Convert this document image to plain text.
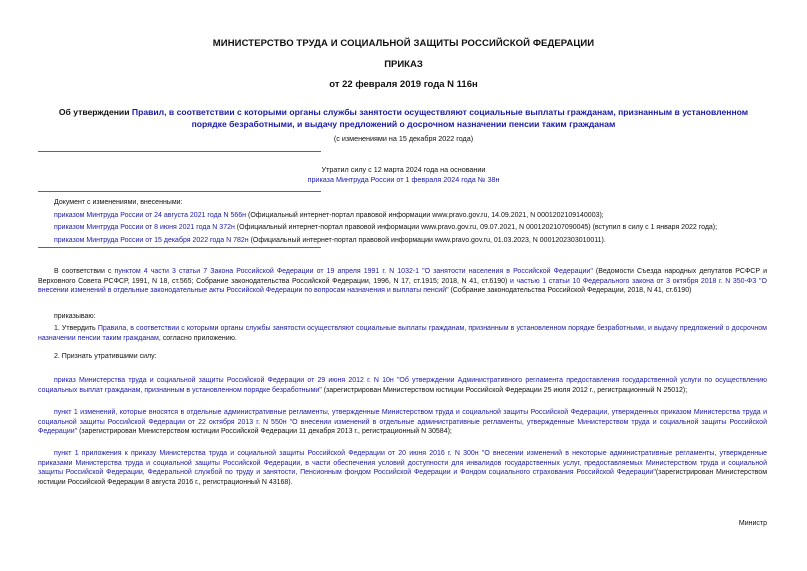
МИНИСТЕРСТВО ТРУДА И СОЦИАЛЬНОЙ ЗАЩИТЫ РОССИЙСКОЙ ФЕДЕРАЦИИ
ПРИКАЗ
от 22 февраля 2019 года N 116н
Об утверждении Правил, в соответствии с которыми органы службы занятости осуществляют социальные выплаты гражданам, признанным в установленном
порядке безработными, и выдачу предложений о досрочном назначении пенсии таким гражданам
(с изменениями на 15 декабря 2022 года)
Утратил силу с 12 марта 2024 года на основании
приказа Минтруда России от 1 февраля 2024 года № 38н
Документ с изменениями, внесенными:
приказом Минтруда России от 24 августа 2021 года N 566н (Официальный интернет-портал правовой информации www.pravo.gov.ru, 14.09.2021, N 0001202109140003);
приказом Минтруда России от 8 июня 2021 года N 372н (Официальный интернет-портал правовой информации www.pravo.gov.ru, 09.07.2021, N 0001202107090045) (вступил в силу с 1 января 2022 года);
приказом Минтруда России от 15 декабря 2022 года N 782н (Официальный интернет-портал правовой информации www.pravo.gov.ru, 01.03.2023, N 0001202303010011).
В соответствии с пунктом 4 части 3 статьи 7 Закона Российской Федерации от 19 апреля 1991 г. N 1032-1 "О занятости населения в Российской Федерации" (Ведомости Съезда народных депутатов РСФСР и Верховного Совета РСФСР, 1991, N 18, ст.565; Собрание законодательства Российской Федерации, 1996, N 17, ст.1915; 2018, N 41, ст.6190) и частью 1 статьи 10 Федерального закона от 3 октября 2018 г. N 350-ФЗ "О внесении изменений в отдельные законодательные акты Российской Федерации по вопросам назначения и выплаты пенсий" (Собрание законодательства Российской Федерации, 2018, N 41, ст.6190)
приказываю:
1. Утвердить Правила, в соответствии с которыми органы службы занятости осуществляют социальные выплаты гражданам, признанным в установленном порядке безработными, и выдачу предложений о досрочном назначении пенсии таким гражданам, согласно приложению.
2. Признать утратившими силу:
приказ Министерства труда и социальной защиты Российской Федерации от 29 июня 2012 г. N 10н "Об утверждении Административного регламента предоставления государственной услуги по осуществлению социальных выплат гражданам, признанным в установленном порядке безработными" (зарегистрирован Министерством юстиции Российской Федерации 25 июля 2012 г., регистрационный N 25012);
пункт 1 изменений, которые вносятся в отдельные административные регламенты, утвержденные Министерством труда и социальной защиты Российской Федерации, утвержденных приказом Министерства труда и социальной защиты Российской Федерации от 22 октября 2013 г. N 550н "О внесении изменений в отдельные административные регламенты, утвержденные Министерством труда и социальной защиты Российской Федерации" (зарегистрирован Министерством юстиции Российской Федерации 11 декабря 2013 г., регистрационный N 30584);
пункт 1 приложения к приказу Министерства труда и социальной защиты Российской Федерации от 20 июня 2016 г. N 300н "О внесении изменений в некоторые административные регламенты, утвержденные приказами Министерства труда и социальной защиты Российской Федерации, в части обеспечения условий доступности для инвалидов государственных услуг, предоставляемых Министерством труда и социальной защиты Российской Федерации, Федеральной службой по труду и занятости, Пенсионным фондом Российской Федерации и Фондом социального страхования Российской Федерации"(зарегистрирован Министерством юстиции Российской Федерации 8 августа 2016 г., регистрационный N 43168).
Министр
